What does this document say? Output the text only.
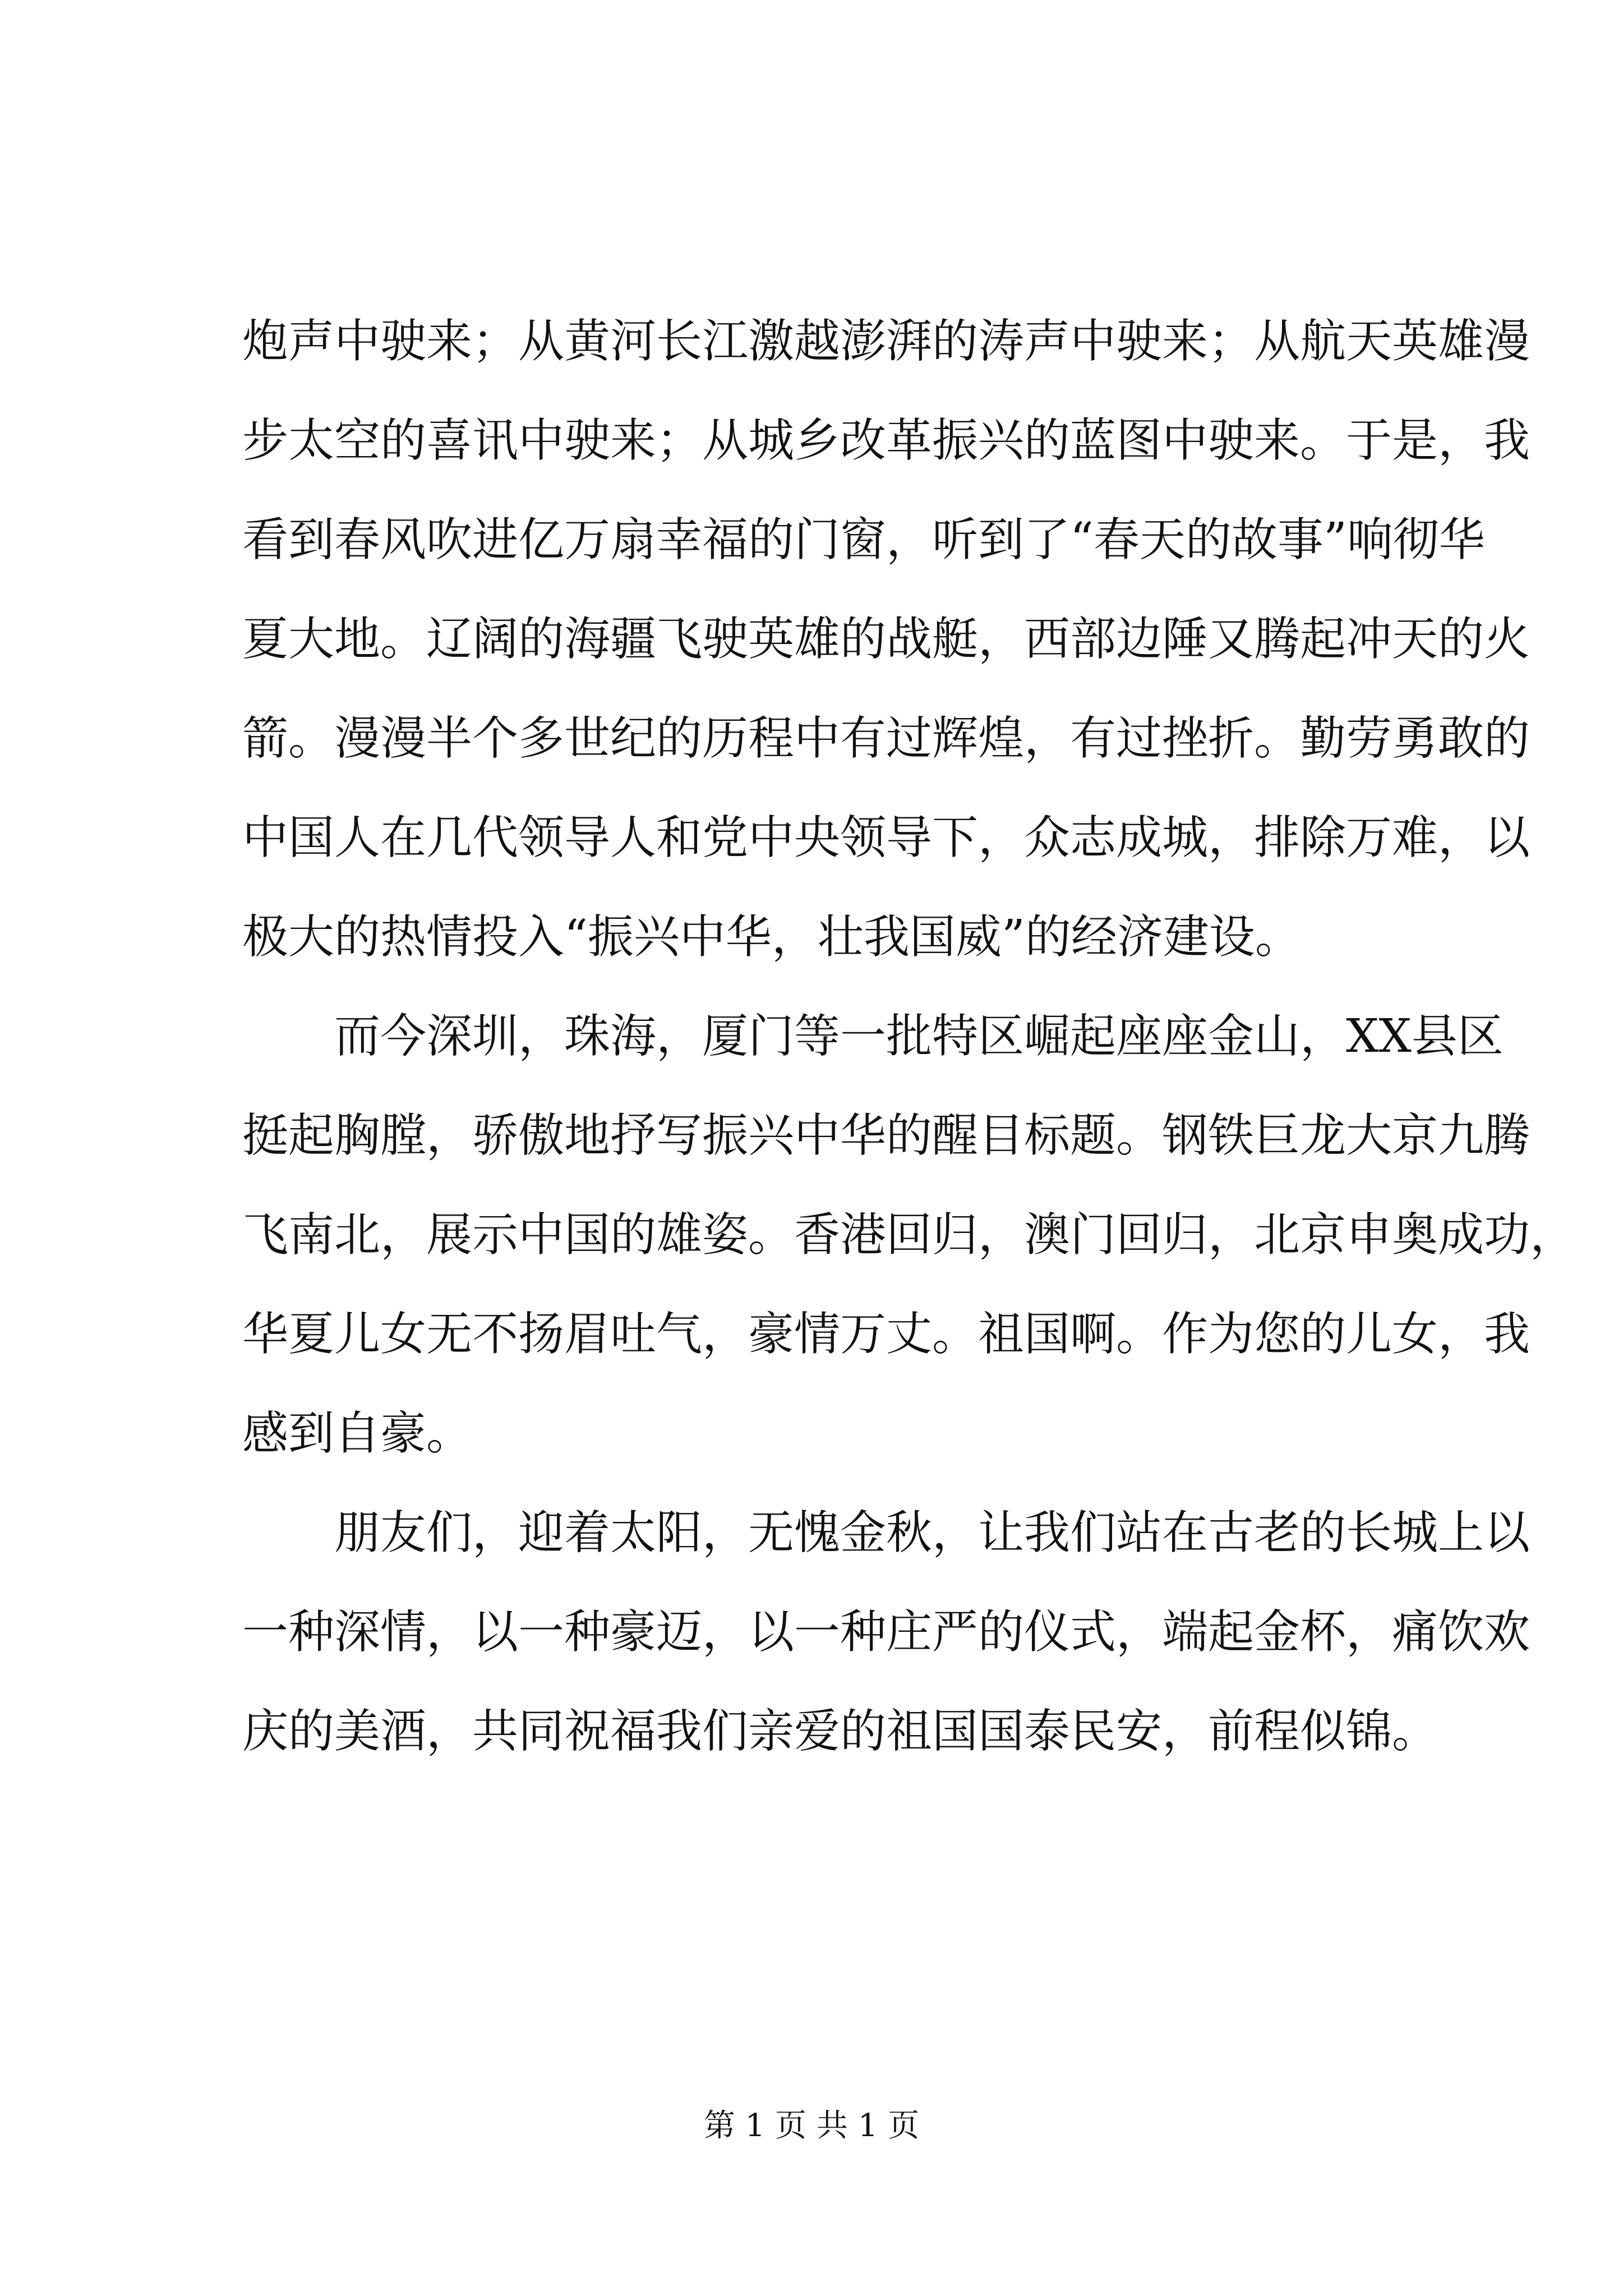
炮声中驶来；从黄河长江激越澎湃的涛声中驶来；从航天英雄漫
步太空的喜讯中驶来；从城乡改革振兴的蓝图中驶来。于是，我
看到春风吹进亿万扇幸福的门窗，听到了“春天的故事”响彻华
夏大地。辽阔的海疆飞驶英雄的战艇，西部边陲又腾起冲天的火
箭。漫漫半个多世纪的历程中有过辉煌，有过挫折。勤劳勇敢的
中国人在几代领导人和党中央领导下，众志成城，排除万难，以
极大的热情投入“振兴中华，壮我国威”的经济建设。
而今深圳，珠海，厦门等一批特区崛起座座金山，XX县区
挺起胸膛，骄傲地抒写振兴中华的醒目标题。钢铁巨龙大京九腾
飞南北，展示中国的雄姿。香港回归，澳门回归，北京申奥成功，
华夏儿女无不扬眉吐气，豪情万丈。祖国啊。作为您的儿女，我
感到自豪。
朋友们，迎着太阳，无愧金秋，让我们站在古老的长城上以
一种深情，以一种豪迈，以一种庄严的仪式，端起金杯，痛饮欢
庆的美酒，共同祝福我们亲爱的祖国国泰民安，前程似锦。
第 1 页 共 1 页
